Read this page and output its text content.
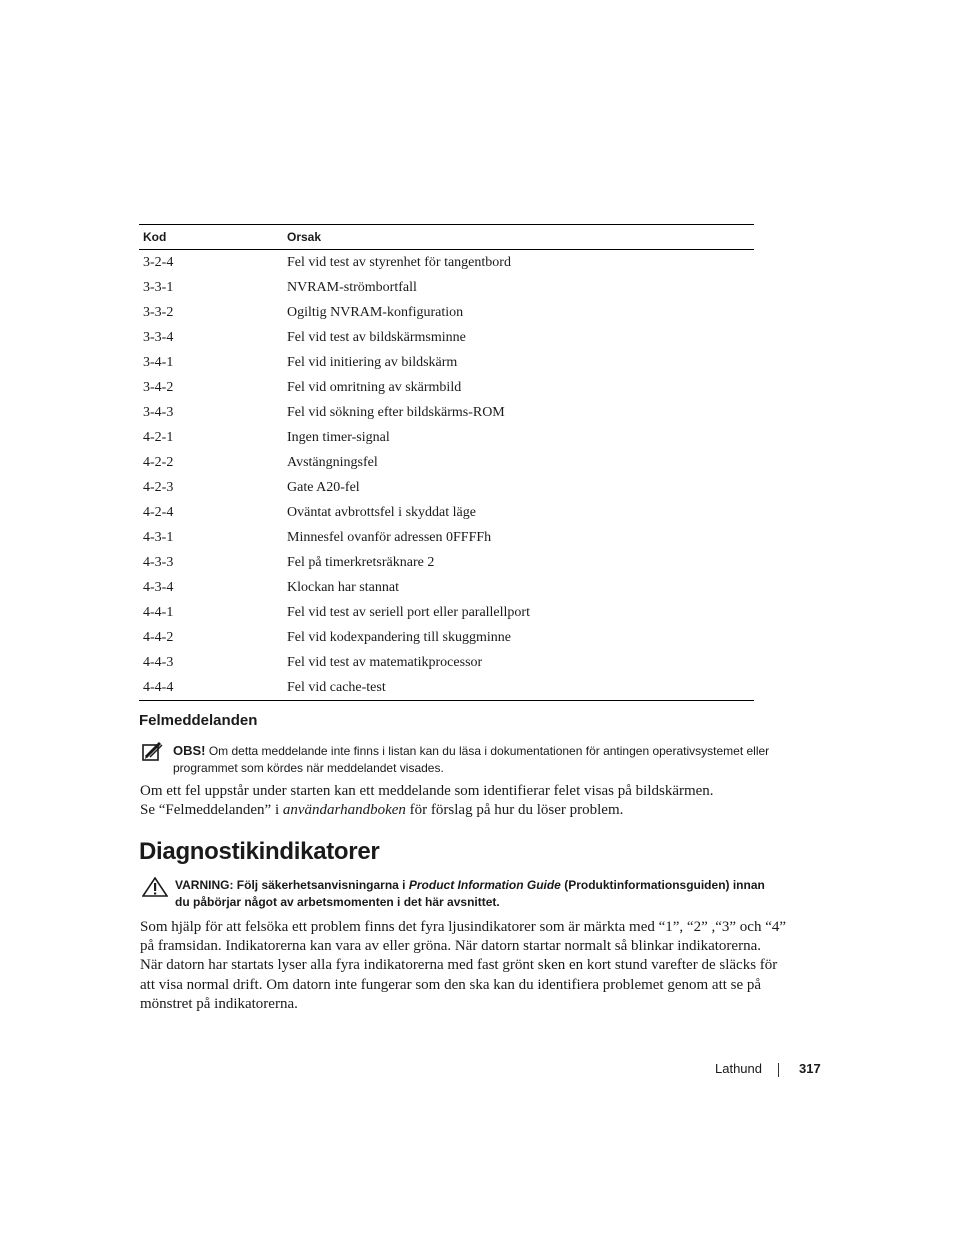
Kod	Orsak
3-2-4	Fel vid test av styrenhet för tangentbord
3-3-1	NVRAM-strömbortfall
3-3-2	Ogiltig NVRAM-konfiguration
3-3-4	Fel vid test av bildskärmsminne
3-4-1	Fel vid initiering av bildskärm
3-4-2	Fel vid omritning av skärmbild
3-4-3	Fel vid sökning efter bildskärms-ROM
4-2-1	Ingen timer-signal
4-2-2	Avstängningsfel
4-2-3	Gate A20-fel
4-2-4	Oväntat avbrottsfel i skyddat läge
4-3-1	Minnesfel ovanför adressen 0FFFFh
4-3-3	Fel på timerkretsräknare 2
4-3-4	Klockan har stannat
4-4-1	Fel vid test av seriell port eller parallellport
4-4-2	Fel vid kodexpandering till skuggminne
4-4-3	Fel vid test av matematikprocessor
4-4-4	Fel vid cache-test
Felmeddelanden
OBS! Om detta meddelande inte finns i listan kan du läsa i dokumentationen för antingen operativsystemet eller
programmet som kördes när meddelandet visades.

Om ett fel uppstår under starten kan ett meddelande som identifierar felet visas på bildskärmen.
Se “Felmeddelanden” i användarhandboken för förslag på hur du löser problem.

Diagnostikindikatorer
VARNING: Följ säkerhetsanvisningarna i Product Information Guide (Produktinformationsguiden) innan
du påbörjar något av arbetsmomenten i det här avsnittet.

Som hjälp för att felsöka ett problem finns det fyra ljusindikatorer som är märkta med “1”, “2” ,“3” och “4”
på framsidan. Indikatorerna kan vara av eller gröna. När datorn startar normalt så blinkar indikatorerna.
När datorn har startats lyser alla fyra indikatorerna med fast grönt sken en kort stund varefter de släcks för
att visa normal drift. Om datorn inte fungerar som den ska kan du identifiera problemet genom att se på
mönstret på indikatorerna.

Lathund	317
